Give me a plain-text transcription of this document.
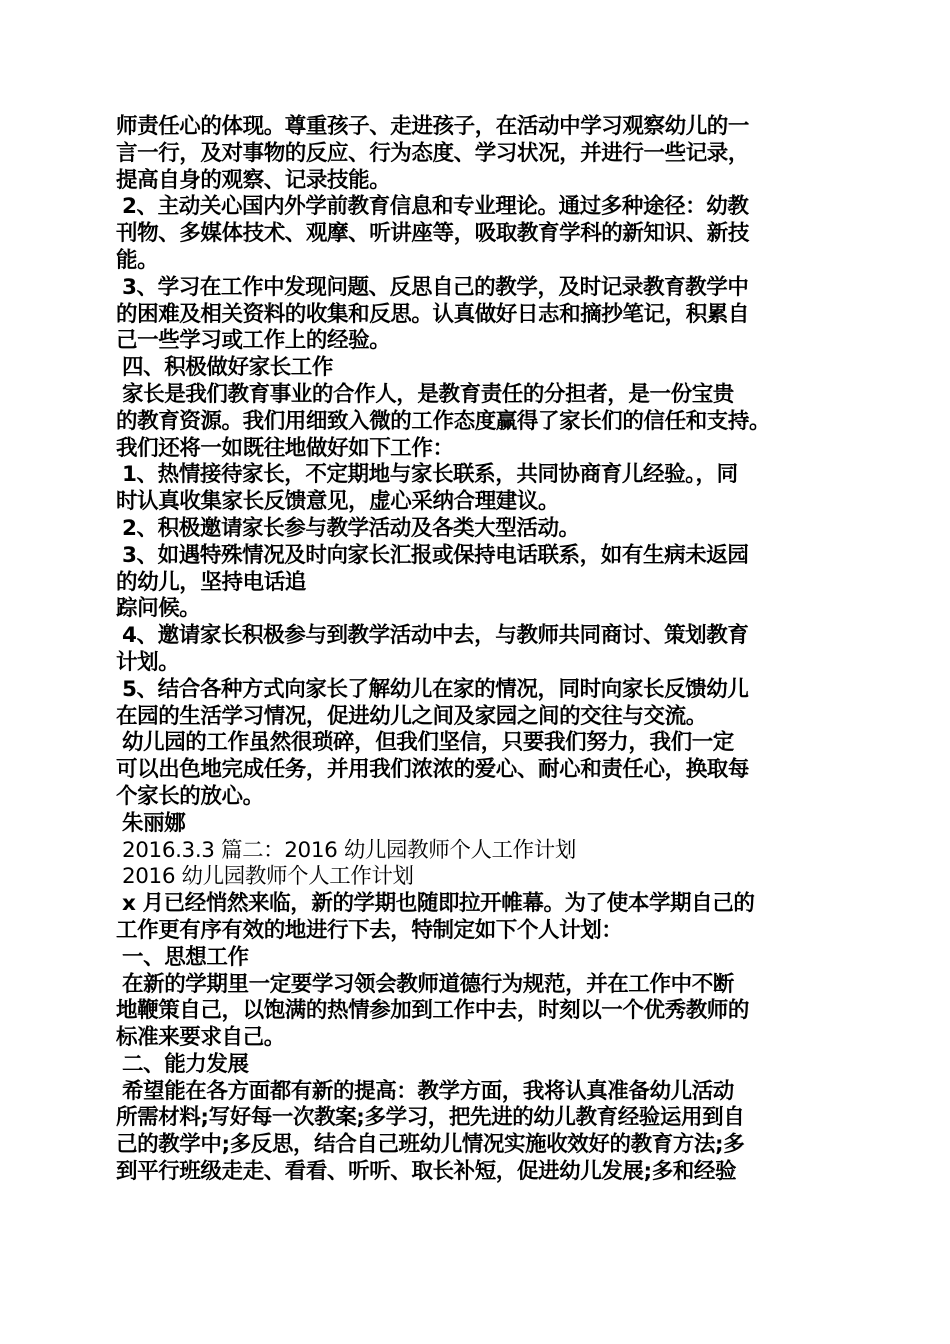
师责任心的体现。尊重孩子、走进孩子，在活动中学习观察幼儿的一
言一行，及对事物的反应、行为态度、学习状况，并进行一些记录，
提高自身的观察、记录技能。
2、主动关心国内外学前教育信息和专业理论。通过多种途径：幼教
刊物、多媒体技术、观摩、听讲座等，吸取教育学科的新知识、新技
能。
3、学习在工作中发现问题、反思自己的教学，及时记录教育教学中
的困难及相关资料的收集和反思。认真做好日志和摘抄笔记，积累自
己一些学习或工作上的经验。
四、积极做好家长工作
家长是我们教育事业的合作人，是教育责任的分担者，是一份宝贵
的教育资源。我们用细致入微的工作态度赢得了家长们的信任和支持。
我们还将一如既往地做好如下工作：
1、热情接待家长，不定期地与家长联系，共同协商育儿经验。，同
时认真收集家长反馈意见，虚心采纳合理建议。
2、积极邀请家长参与教学活动及各类大型活动。
3、如遇特殊情况及时向家长汇报或保持电话联系，如有生病未返园
的幼儿，坚持电话追
踪问候。
4、邀请家长积极参与到教学活动中去，与教师共同商讨、策划教育
计划。
5、结合各种方式向家长了解幼儿在家的情况，同时向家长反馈幼儿
在园的生活学习情况，促进幼儿之间及家园之间的交往与交流。
幼儿园的工作虽然很琐碎，但我们坚信，只要我们努力，我们一定
可以出色地完成任务，并用我们浓浓的爱心、耐心和责任心，换取每
个家长的放心。
朱丽娜
2016.3.3 篇二：2016 幼儿园教师个人工作计划
2016 幼儿园教师个人工作计划
x 月已经悄然来临，新的学期也随即拉开帷幕。为了使本学期自己的
工作更有序有效的地进行下去，特制定如下个人计划：
一、思想工作
在新的学期里一定要学习领会教师道德行为规范，并在工作中不断
地鞭策自己，以饱满的热情参加到工作中去，时刻以一个优秀教师的
标准来要求自己。
二、能力发展
希望能在各方面都有新的提高：教学方面，我将认真准备幼儿活动
所需材料;写好每一次教案;多学习，把先进的幼儿教育经验运用到自
己的教学中;多反思，结合自己班幼儿情况实施收效好的教育方法;多
到平行班级走走、看看、听听、取长补短，促进幼儿发展;多和经验
